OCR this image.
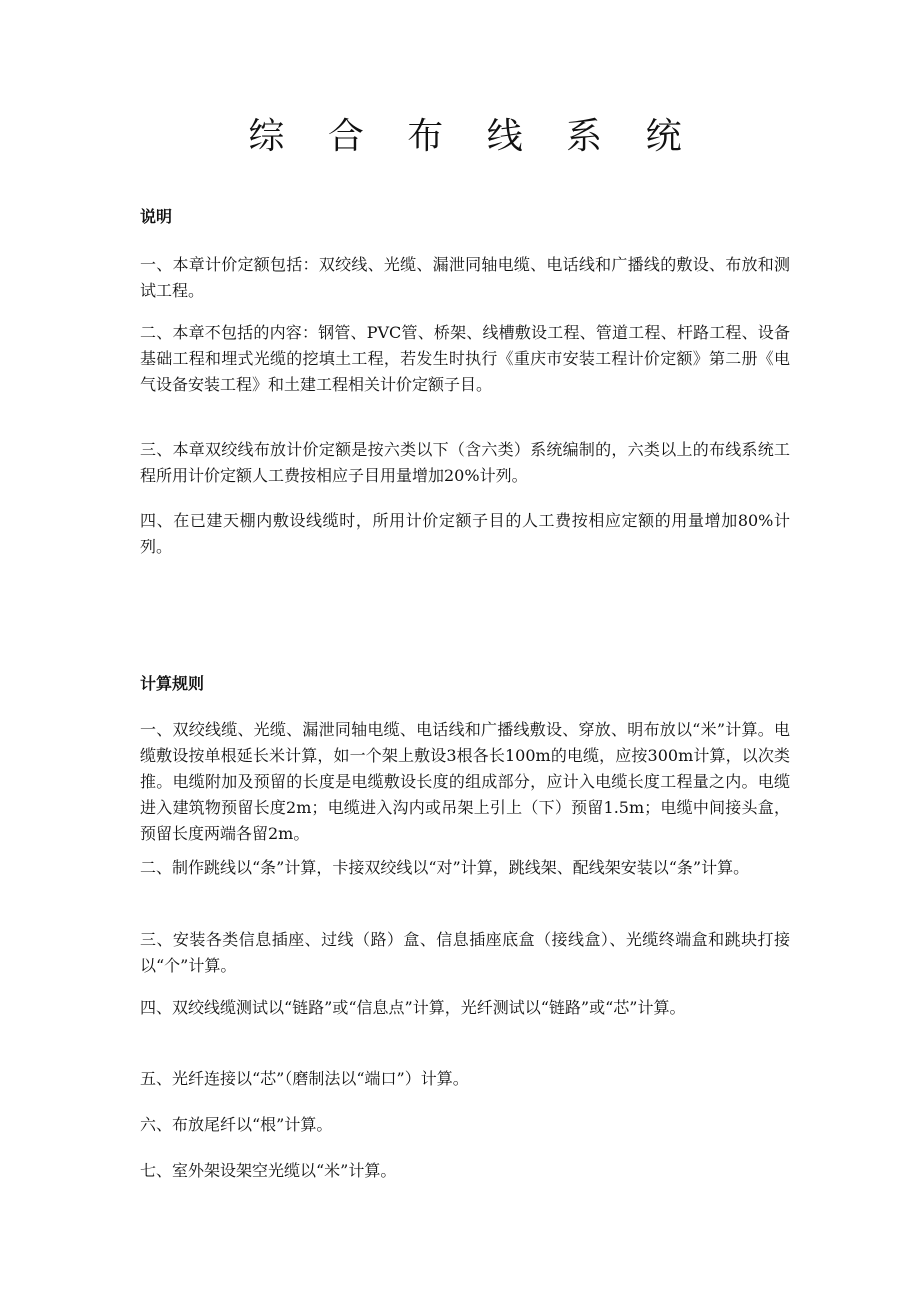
综 合 布 线 系 统
说明
一、本章计价定额包括：双绞线、光缆、漏泄同轴电缆、电话线和广播线的敷设、布放和测试工程。
二、本章不包括的内容：钢管、PVC管、桥架、线槽敷设工程、管道工程、杆路工程、设备基础工程和埋式光缆的挖填土工程，若发生时执行《重庆市安装工程计价定额》第二册《电气设备安装工程》和土建工程相关计价定额子目。
三、本章双绞线布放计价定额是按六类以下（含六类）系统编制的，六类以上的布线系统工程所用计价定额人工费按相应子目用量增加20%计列。
四、在已建天棚内敷设线缆时，所用计价定额子目的人工费按相应定额的用量增加80%计列。
计算规则
一、双绞线缆、光缆、漏泄同轴电缆、电话线和广播线敷设、穿放、明布放以“米”计算。电缆敷设按单根延长米计算，如一个架上敷设3根各长100m的电缆，应按300m计算，以次类推。电缆附加及预留的长度是电缆敷设长度的组成部分，应计入电缆长度工程量之内。电缆进入建筑物预留长度2m；电缆进入沟内或吊架上引上（下）预留1.5m；电缆中间接头盒，预留长度两端各留2m。
二、制作跳线以“条”计算，卡接双绞线以“对”计算，跳线架、配线架安装以“条”计算。
三、安装各类信息插座、过线（路）盒、信息插座底盒（接线盒）、光缆终端盒和跳块打接以“个”计算。
四、双绞线缆测试以“链路”或“信息点”计算，光纤测试以“链路”或“芯”计算。
五、光纤连接以“芯”（磨制法以“端口”）计算。
六、布放尾纤以“根”计算。
七、室外架设架空光缆以“米”计算。
